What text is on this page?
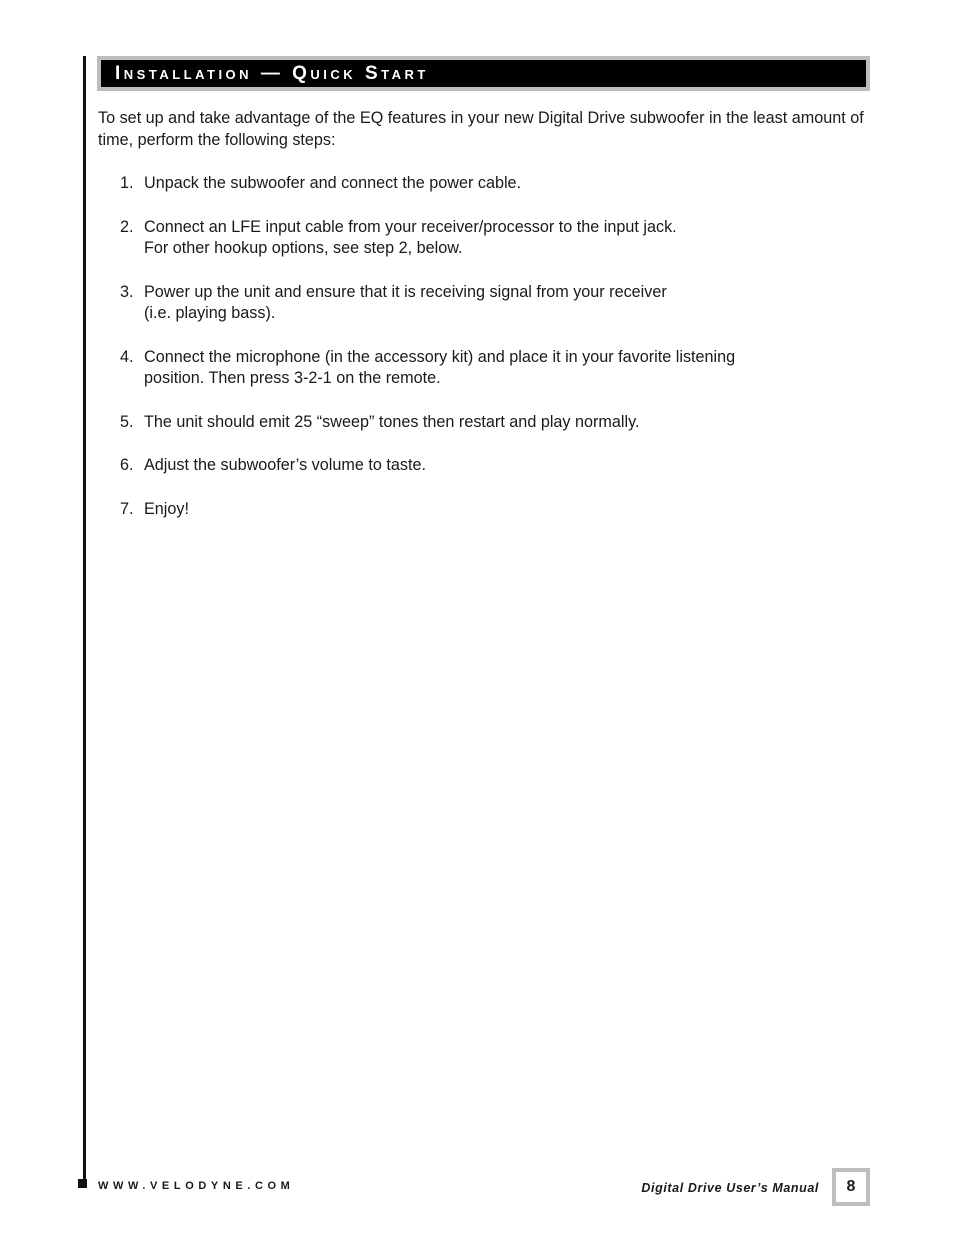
Installation — Quick Start

To set up and take advantage of the EQ features in your new Digital Drive subwoofer in the least amount of time, perform the following steps:

1. Unpack the subwoofer and connect the power cable.
2. Connect an LFE input cable from your receiver/processor to the input jack.
For other hookup options, see step 2, below.
3. Power up the unit and ensure that it is receiving signal from your receiver
(i.e. playing bass).
4. Connect the microphone (in the accessory kit) and place it in your favorite listening
position. Then press 3-2-1 on the remote.
5. The unit should emit 25 “sweep” tones then restart and play normally.
6. Adjust the subwoofer’s volume to taste.
7. Enjoy!
WWW.VELODYNE.COM	Digital Drive User’s Manual	8
